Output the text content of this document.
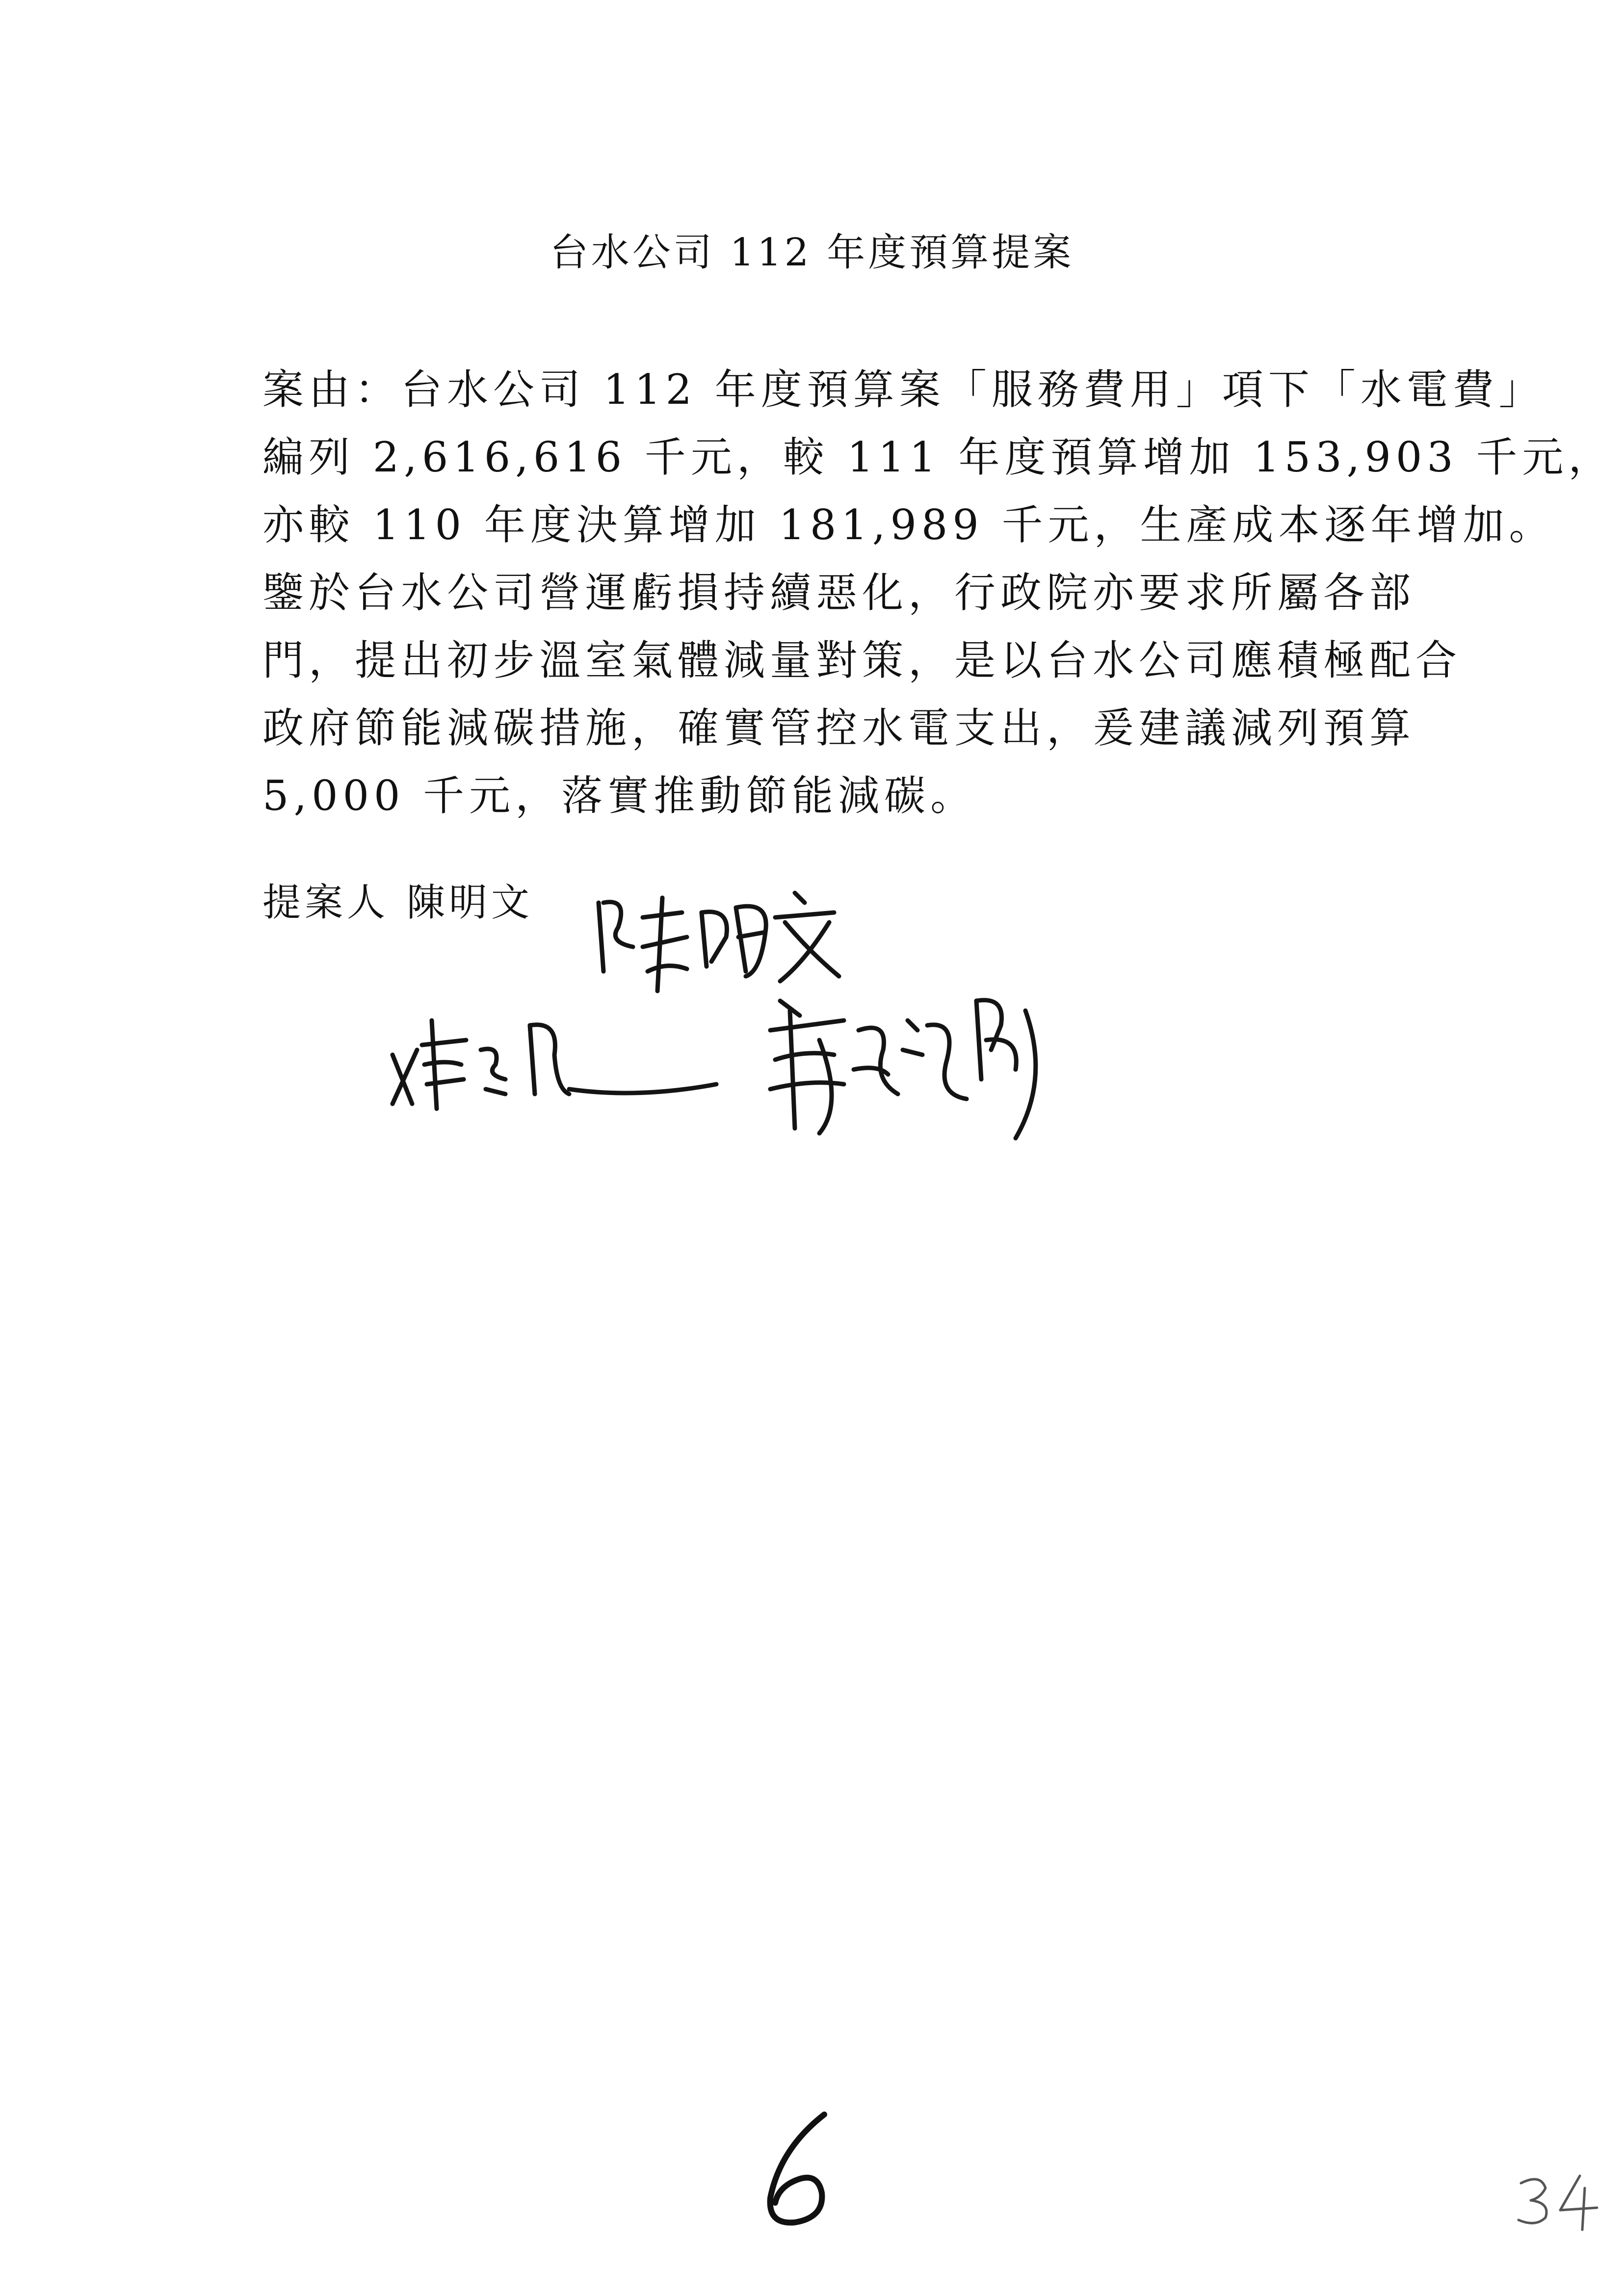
台水公司 112 年度預算提案
案由：台水公司 112 年度預算案「服務費用」項下「水電費」
編列 2,616,616 千元，較 111 年度預算增加 153,903 千元，
亦較 110 年度決算增加 181,989 千元，生產成本逐年增加。
鑒於台水公司營運虧損持續惡化，行政院亦要求所屬各部
門，提出初步溫室氣體減量對策，是以台水公司應積極配合
政府節能減碳措施，確實管控水電支出，爰建議減列預算
5,000 千元，落實推動節能減碳。
提案人 陳明文
